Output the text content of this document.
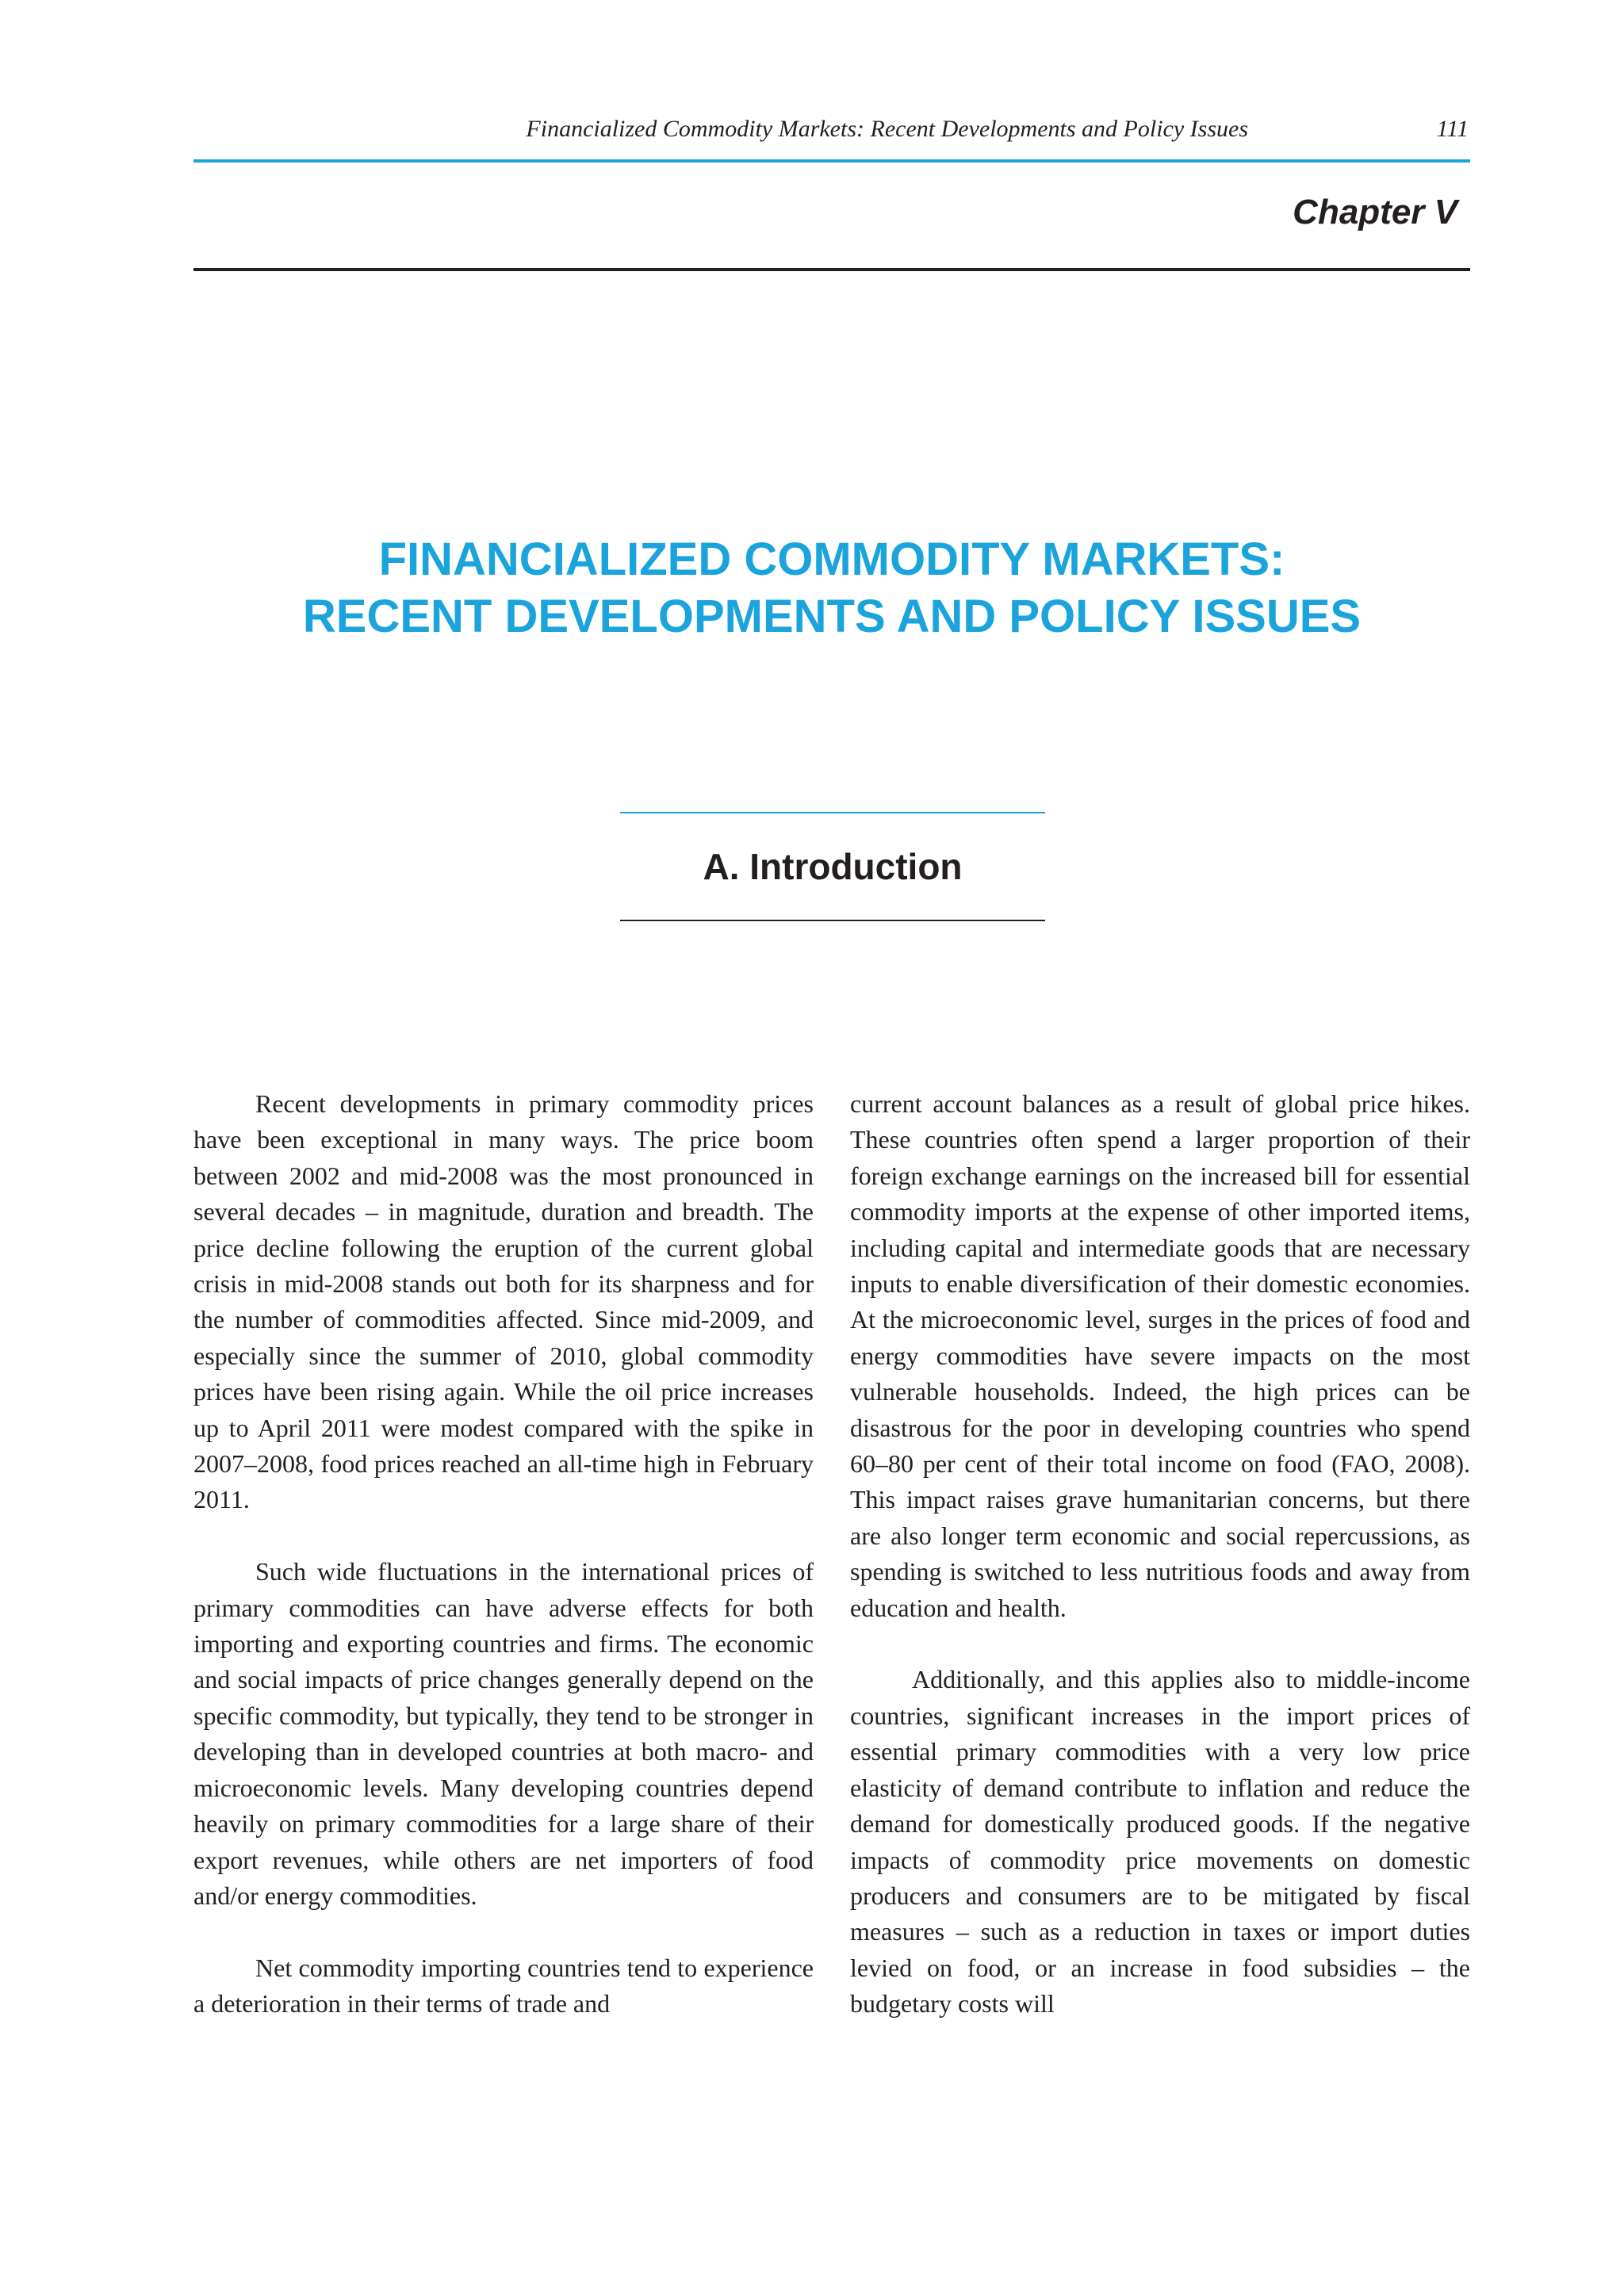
Financialized Commodity Markets: Recent Developments and Policy Issues	111
Chapter V
FINANCIALIZED COMMODITY MARKETS:
RECENT DEVELOPMENTS AND POLICY ISSUES
A. Introduction

Recent developments in primary commodity prices have been exceptional in many ways. The price boom between 2002 and mid-2008 was the most pronounced in several decades – in magnitude, duration and breadth. The price decline following the eruption of the current global crisis in mid-2008 stands out both for its sharpness and for the number of commodities affected. Since mid-2009, and especially since the summer of 2010, global commodity prices have been rising again. While the oil price increases up to April 2011 were modest compared with the spike in 2007–2008, food prices reached an all-time high in February 2011.

Such wide fluctuations in the international prices of primary commodities can have adverse effects for both importing and exporting countries and firms. The economic and social impacts of price changes generally depend on the specific commodity, but typically, they tend to be stronger in developing than in developed countries at both macro- and microeconomic levels. Many developing countries depend heavily on primary commodities for a large share of their export revenues, while others are net importers of food and/or energy commodities.

Net commodity importing countries tend to experience a deterioration in their terms of trade and

current account balances as a result of global price hikes. These countries often spend a larger proportion of their foreign exchange earnings on the increased bill for essential commodity imports at the expense of other imported items, including capital and intermediate goods that are necessary inputs to enable diversification of their domestic economies. At the microeconomic level, surges in the prices of food and energy commodities have severe impacts on the most vulnerable households. Indeed, the high prices can be disastrous for the poor in developing countries who spend 60–80 per cent of their total income on food (FAO, 2008). This impact raises grave humanitarian concerns, but there are also longer term economic and social repercussions, as spending is switched to less nutritious foods and away from education and health.

Additionally, and this applies also to middle-income countries, significant increases in the import prices of essential primary commodities with a very low price elasticity of demand contribute to inflation and reduce the demand for domestically produced goods. If the negative impacts of commodity price movements on domestic producers and consumers are to be mitigated by fiscal measures – such as a reduction in taxes or import duties levied on food, or an increase in food subsidies – the budgetary costs will
